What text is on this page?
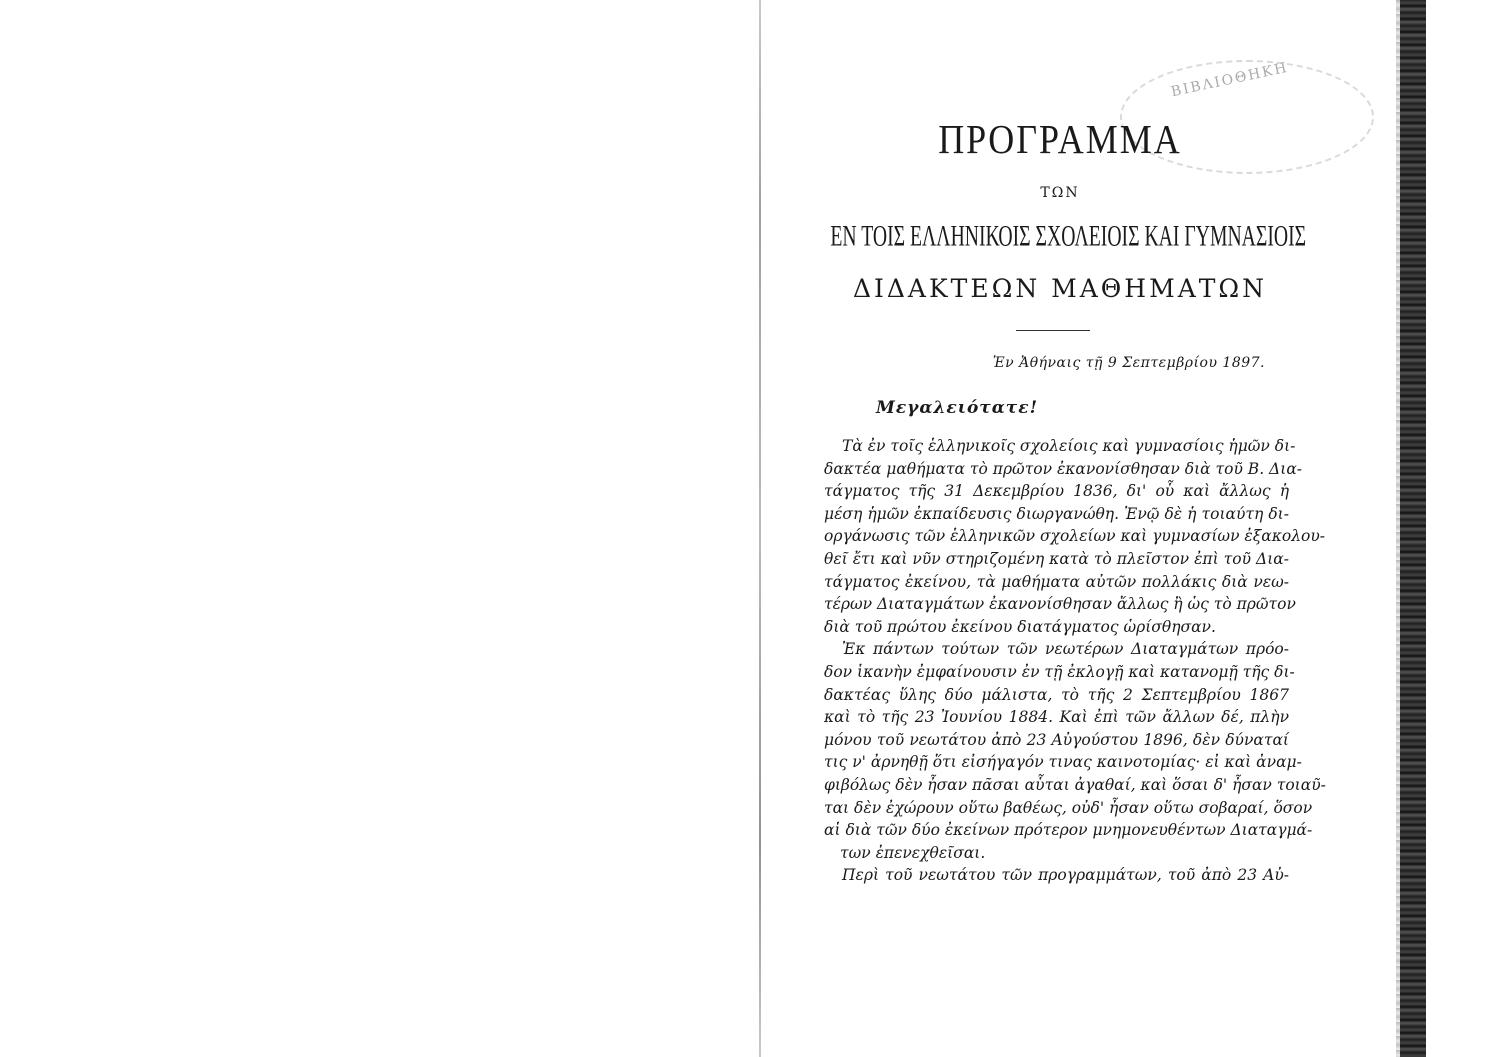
ΒΙΒΛΙΟΘΗΚΗ
ΠΡΟΓΡΑΜΜΑ
ΤΩΝ
ΕΝ ΤΟΙΣ ΕΛΛΗΝΙΚΟΙΣ ΣΧΟΛΕΙΟΙΣ ΚΑΙ ΓΥΜΝΑΣΙΟΙΣ
ΔΙΔΑΚΤΕΩΝ ΜΑΘΗΜΑΤΩΝ
Ἐν Ἀθήναις τῇ 9 Σεπτεμβρίου 1897.
Μεγαλειότατε!
Τὰ ἐν τοῖς ἑλληνικοῖς σχολείοις καὶ γυμνασίοις ἡμῶν δι-
δακτέα μαθήματα τὸ πρῶτον ἐκανονίσθησαν διὰ τοῦ Β. Δια-
τάγματος τῆς 31 Δεκεμβρίου 1836, δι' οὗ καὶ ἄλλως ἡ
μέση ἡμῶν ἐκπαίδευσις διωργανώθη. Ἐνῷ δὲ ἡ τοιαύτη δι-
οργάνωσις τῶν ἑλληνικῶν σχολείων καὶ γυμνασίων ἐξακολου-
θεῖ ἔτι καὶ νῦν στηριζομένη κατὰ τὸ πλεῖστον ἐπὶ τοῦ Δια-
τάγματος ἐκείνου, τὰ μαθήματα αὐτῶν πολλάκις διὰ νεω-
τέρων Διαταγμάτων ἐκανονίσθησαν ἄλλως ἢ ὡς τὸ πρῶτον
διὰ τοῦ πρώτου ἐκείνου διατάγματος ὡρίσθησαν.
Ἐκ πάντων τούτων τῶν νεωτέρων Διαταγμάτων πρόο-
δον ἱκανὴν ἐμφαίνουσιν ἐν τῇ ἐκλογῇ καὶ κατανομῇ τῆς δι-
δακτέας ὕλης δύο μάλιστα, τὸ τῆς 2 Σεπτεμβρίου 1867
καὶ τὸ τῆς 23 Ἰουνίου 1884. Καὶ ἐπὶ τῶν ἄλλων δέ, πλὴν
μόνου τοῦ νεωτάτου ἀπὸ 23 Αὐγούστου 1896, δὲν δύναταί
τις ν' ἀρνηθῇ ὅτι εἰσήγαγόν τινας καινοτομίας· εἰ καὶ ἀναμ-
φιβόλως δὲν ἦσαν πᾶσαι αὗται ἀγαθαί, καὶ ὅσαι δ' ἦσαν τοιαῦ-
ται δὲν ἐχώρουν οὕτω βαθέως, οὐδ' ἦσαν οὕτω σοβαραί, ὅσον
αἱ διὰ τῶν δύο ἐκείνων πρότερον μνημονευθέντων Διαταγμά-
των ἐπενεχθεῖσαι.
Περὶ τοῦ νεωτάτου τῶν προγραμμάτων, τοῦ ἀπὸ 23 Αὐ-
